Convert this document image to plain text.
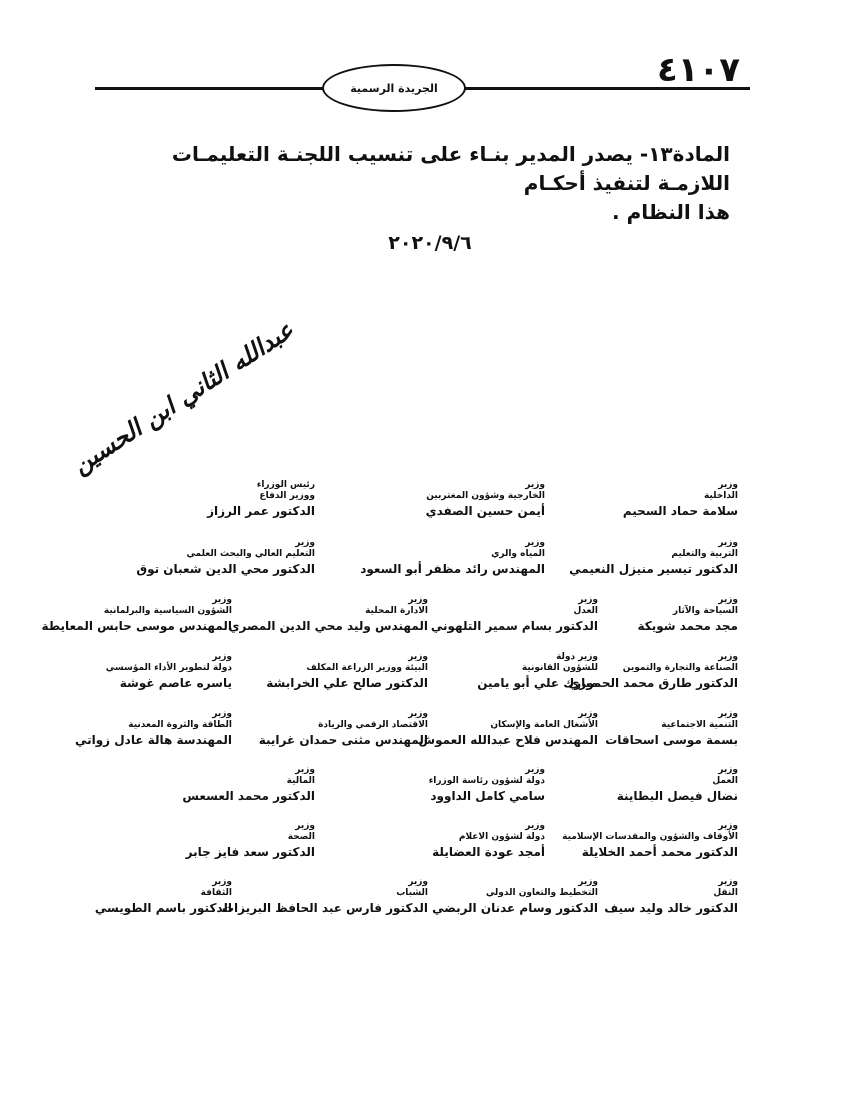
٤١٠٧
الجريدة الرسمية
المادة١٣- يصدر المدير بنـاء على تنسيب اللجنـة التعليمـات اللازمـة لتنفيذ أحكـام
هذا النظام .
٢٠٢٠/٩/٦
عبدالله الثاني ابن الحسين
وزير
الداخلية
سلامة حماد السحيم
وزير
الخارجية وشؤون المغتربين
أيمن حسين الصفدي
رئيس الوزراء
ووزير الدفاع
الدكتور عمر الرزاز
وزير
التربية والتعليم
الدكتور تيسير منيزل النعيمي
وزير
المياه والري
المهندس رائد مظفر أبو السعود
وزير
التعليم العالي والبحث العلمي
الدكتور محي الدين شعبان توق
وزير
السياحة والآثار
مجد محمد شويكة
وزير
العدل
الدكتور بسام سمير التلهوني
وزير
الادارة المحلية
المهندس وليد محي الدين المصري
وزير
الشؤون السياسية والبرلمانية
المهندس موسى حابس المعايطة
وزير
الصناعة والتجارة والتموين
الدكتور طارق محمد الحموري
وزير دولة
للشؤون القانونية
مبارك علي أبو يامين
وزير
البيئة ووزير الزراعة المكلف
الدكتور صالح علي الخرابشة
وزير
دولة لتطوير الأداء المؤسسي
ياسره عاصم غوشة
وزير
التنمية الاجتماعية
بسمة موسى اسحاقات
وزير
الأشغال العامة والإسكان
المهندس فلاح عبدالله العموش
وزير
الاقتصاد الرقمي والريادة
المهندس مثنى حمدان غرايبة
وزير
الطاقة والثروة المعدنية
المهندسة هالة عادل زواتي
وزير
العمل
نضال فيصل البطاينة
وزير
دولة لشؤون رئاسة الوزراء
سامي كامل الداوود
وزير
المالية
الدكتور محمد العسعس
وزير
الأوقاف والشؤون والمقدسات الإسلامية
الدكتور محمد أحمد الخلايلة
وزير
دولة لشؤون الاعلام
أمجد عودة العضايلة
وزير
الصحة
الدكتور سعد فايز جابر
وزير
النقل
الدكتور خالد وليد سيف
وزير
التخطيط والتعاون الدولي
الدكتور وسام عدنان الربضي
وزير
الشباب
الدكتور فارس عبد الحافظ البريزات
وزير
الثقافة
الدكتور باسم الطويسي
